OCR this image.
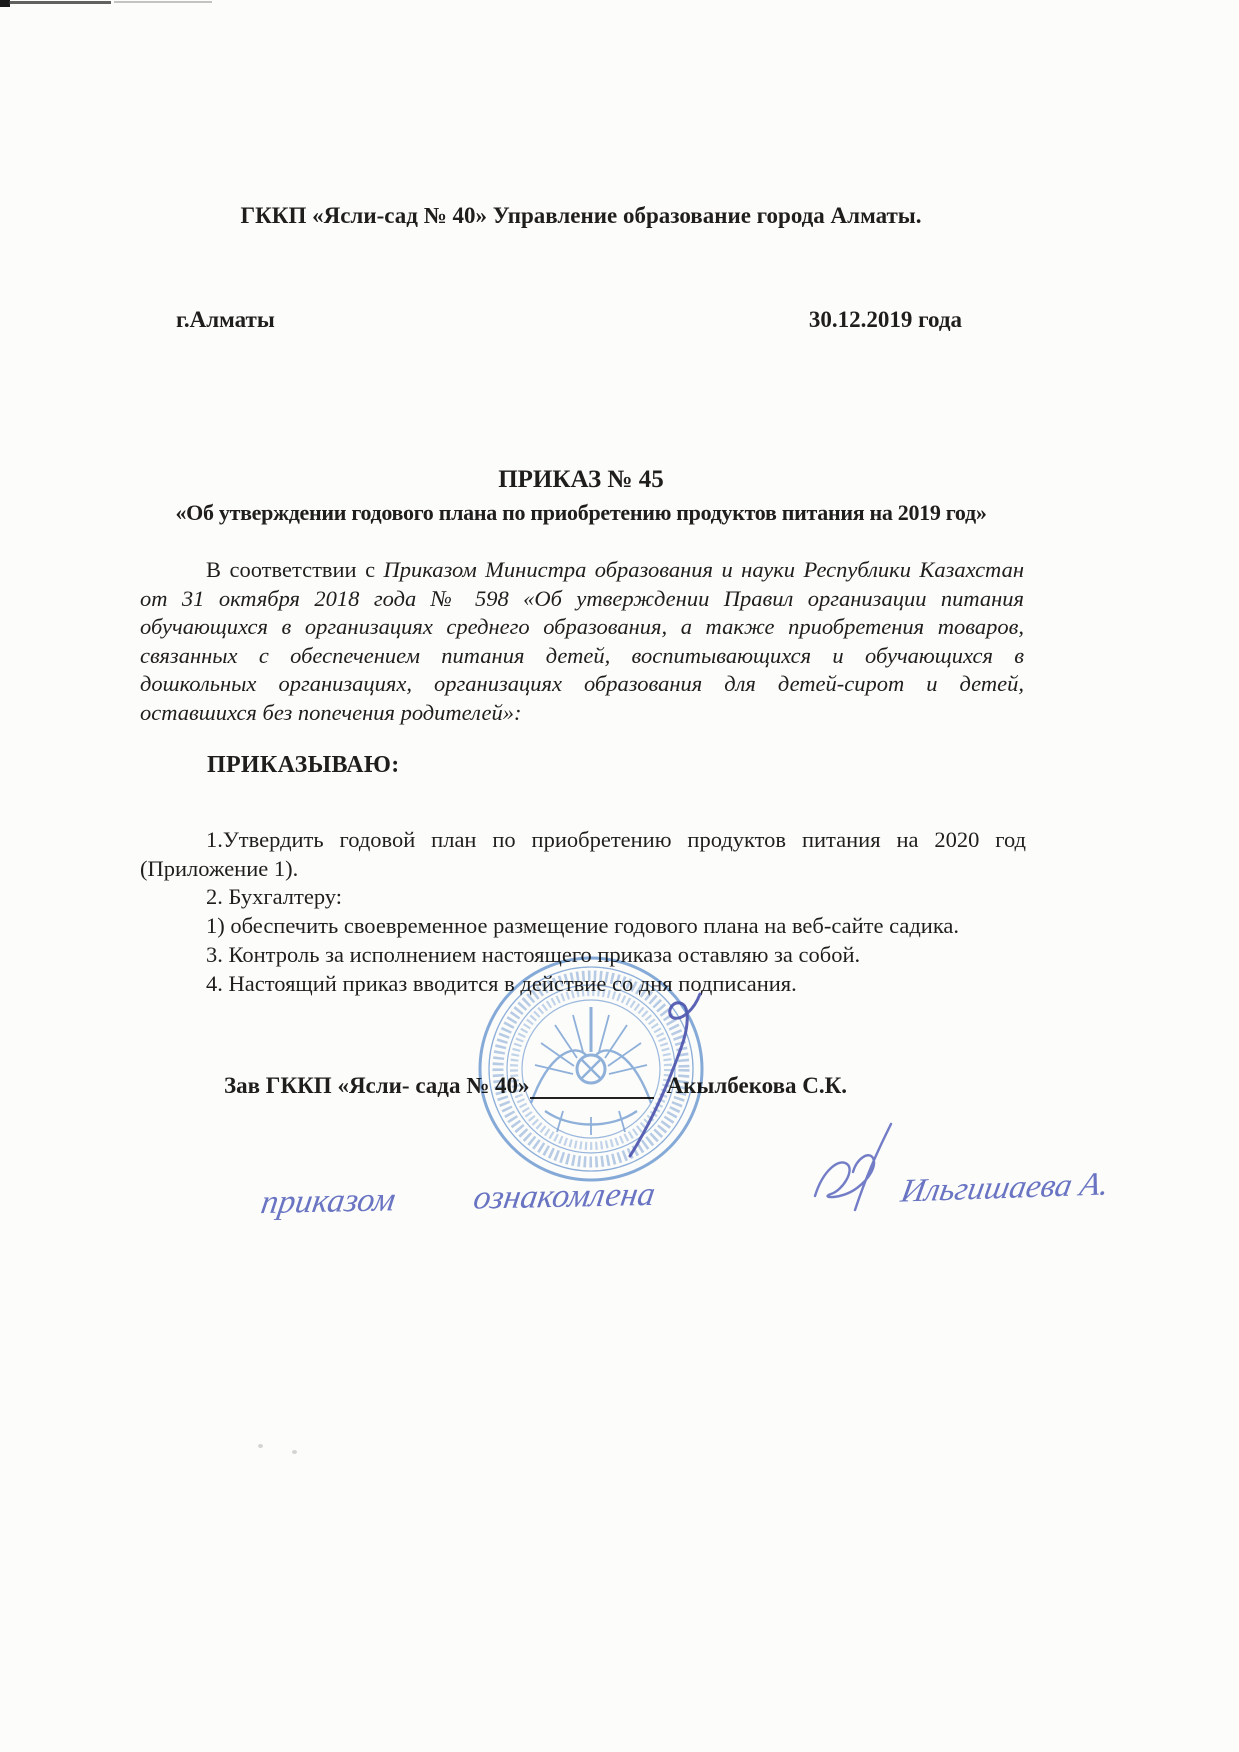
ГККП «Ясли-сад № 40» Управление образование города Алматы.
г.Алматы	30.12.2019 года
ПРИКАЗ № 45
«Об утверждении годового плана по приобретению продуктов питания на 2019 год»
В соответствии с Приказом Министра образования и науки Республики Казахстан
от 31 октября 2018 года № 598 «Об утверждении Правил организации питания
обучающихся в организациях среднего образования, а также приобретения товаров,
связанных с обеспечением питания детей, воспитывающихся и обучающихся в
дошкольных организациях, организациях образования для детей-сирот и детей,
оставшихся без попечения родителей»:
ПРИКАЗЫВАЮ:
1.Утвердить годовой план по приобретению продуктов питания на 2020 год
(Приложение 1).
2. Бухгалтеру:
1) обеспечить своевременное размещение годового плана на веб-сайте садика.
3. Контроль за исполнением настоящего приказа оставляю за собой.
4. Настоящий приказ вводится в действие со дня подписания.
Зав ГККП «Ясли- сада № 40»	Акылбекова С.К.
приказом ознакомлена	Ильгишаева А.
